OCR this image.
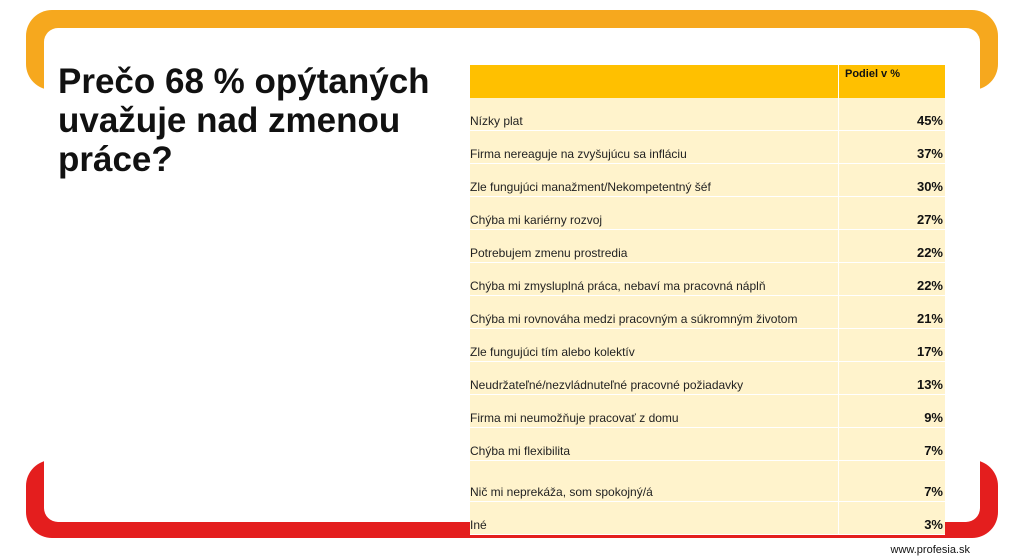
Prečo 68 % opýtaných uvažuje nad zmenou práce?
	Podiel v %
Nízky plat	45%
Firma nereaguje na zvyšujúcu sa infláciu	37%
Zle fungujúci manažment/Nekompetentný šéf	30%
Chýba mi kariérny rozvoj	27%
Potrebujem zmenu prostredia	22%
Chýba mi zmysluplná práca, nebaví ma pracovná náplň	22%
Chýba mi rovnováha medzi pracovným a súkromným životom	21%
Zle fungujúci tím alebo kolektív	17%
Neudržateľné/nezvládnuteľné pracovné požiadavky	13%
Firma mi neumožňuje pracovať z domu	9%
Chýba mi flexibilita	7%
Nič mi neprekáža, som spokojný/á	7%
Iné	3%
www.profesia.sk
